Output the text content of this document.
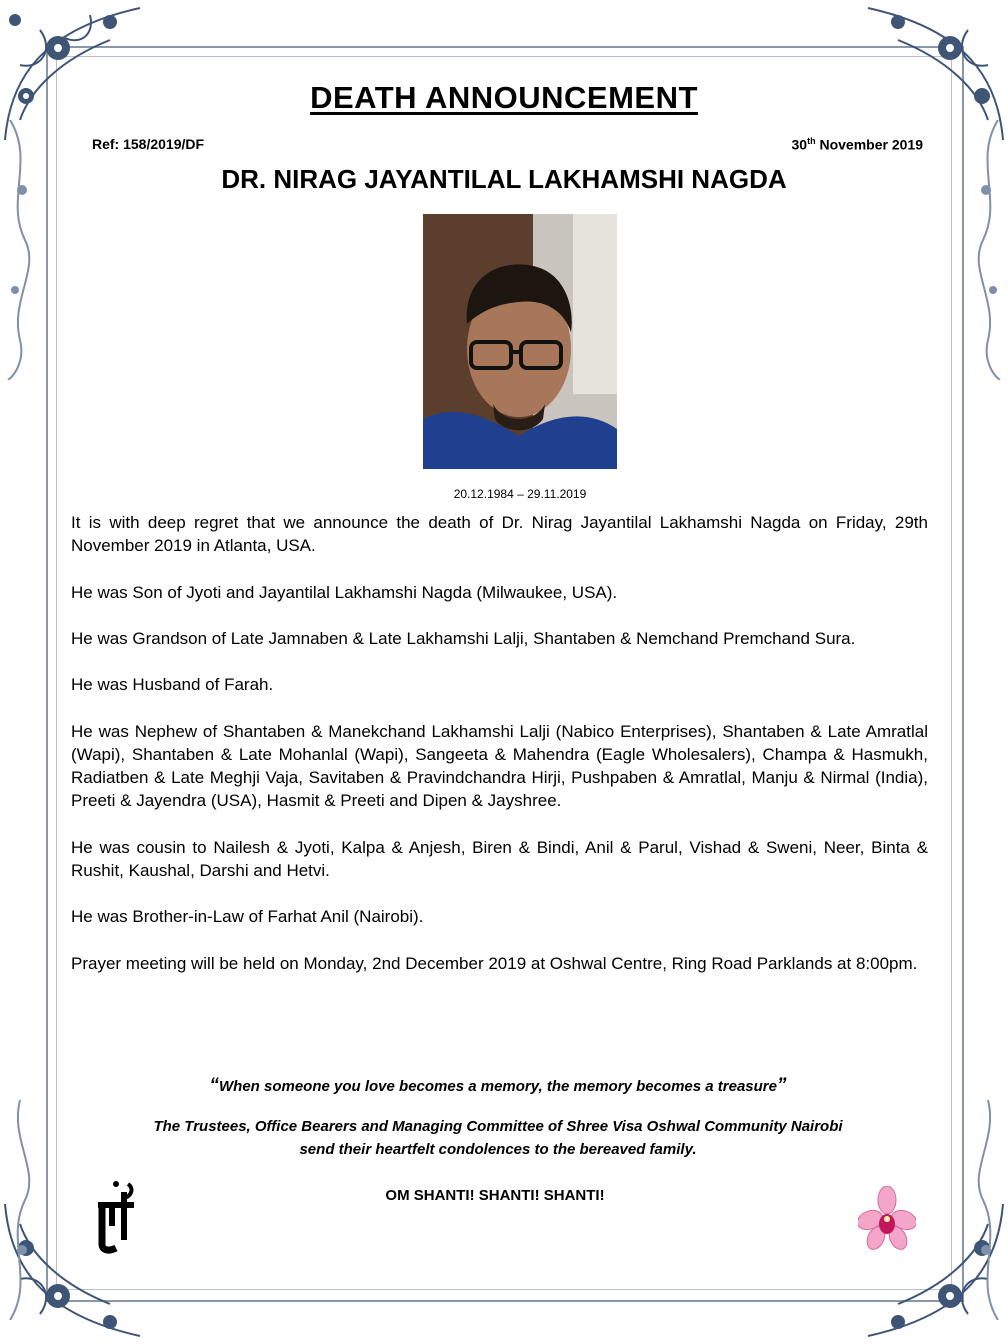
DEATH ANNOUNCEMENT
Ref: 158/2019/DF	30th November 2019
DR. NIRAG JAYANTILAL LAKHAMSHI NAGDA
20.12.1984 – 29.11.2019

It is with deep regret that we announce the death of Dr. Nirag Jayantilal Lakhamshi Nagda on Friday, 29th November 2019 in Atlanta, USA.

He was Son of Jyoti and Jayantilal Lakhamshi Nagda (Milwaukee, USA).

He was Grandson of Late Jamnaben & Late Lakhamshi Lalji, Shantaben & Nemchand Premchand Sura.

He was Husband of Farah.

He was Nephew of Shantaben & Manekchand Lakhamshi Lalji (Nabico Enterprises), Shantaben & Late Amratlal (Wapi), Shantaben & Late Mohanlal (Wapi), Sangeeta & Mahendra (Eagle Wholesalers), Champa & Hasmukh, Radiatben & Late Meghji Vaja, Savitaben & Pravindchandra Hirji, Pushpaben & Amratlal, Manju & Nirmal (India), Preeti & Jayendra (USA), Hasmit & Preeti and Dipen & Jayshree.

He was cousin to Nailesh & Jyoti, Kalpa & Anjesh, Biren & Bindi, Anil & Parul, Vishad & Sweni, Neer, Binta & Rushit, Kaushal, Darshi and Hetvi.

He was Brother-in-Law of Farhat Anil (Nairobi).

Prayer meeting will be held on Monday, 2nd December 2019 at Oshwal Centre, Ring Road Parklands at 8:00pm.

“When someone you love becomes a memory, the memory becomes a treasure”
The Trustees, Office Bearers and Managing Committee of Shree Visa Oshwal Community Nairobi
send their heartfelt condolences to the bereaved family.
OM SHANTI! SHANTI! SHANTI!
